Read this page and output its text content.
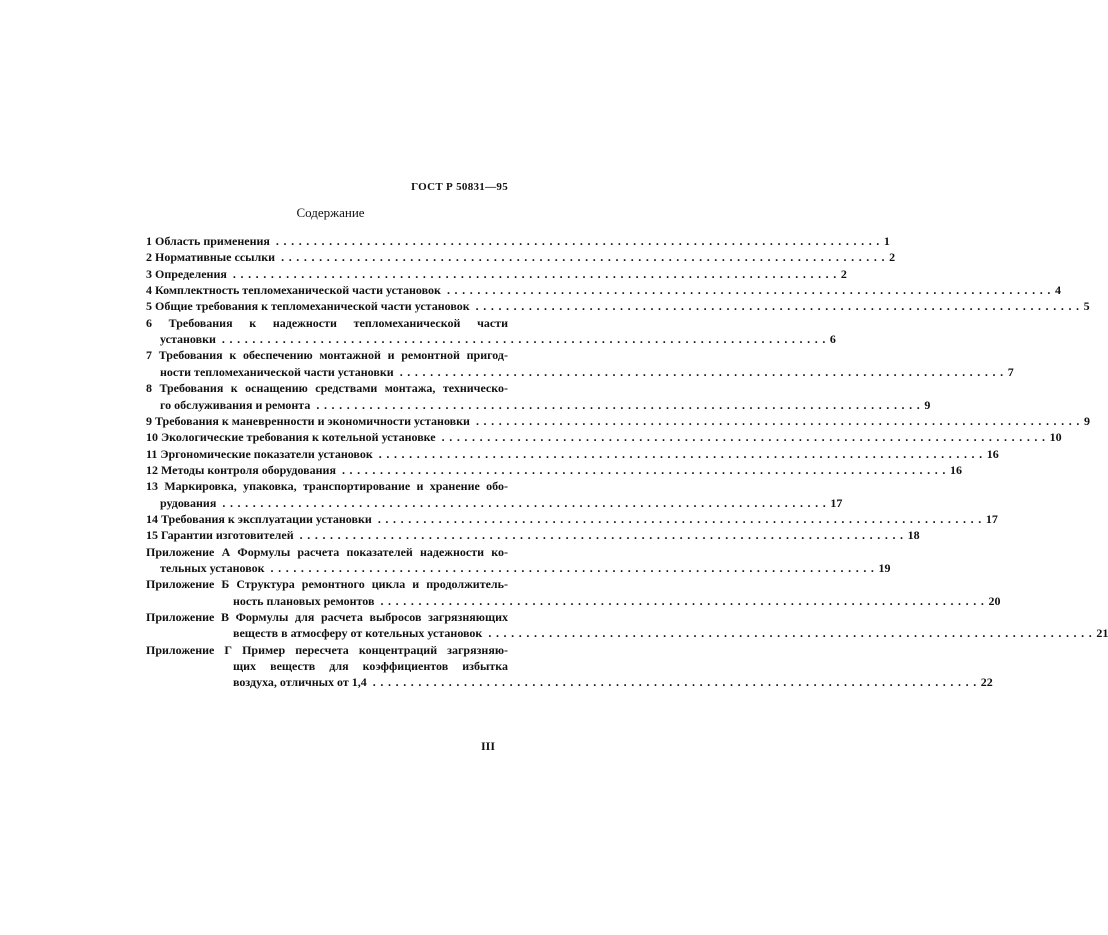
ГОСТ Р 50831—95
Содержание
1 Область применения ................................................................................ 1
2 Нормативные ссылки ................................................................................ 2
3 Определения ................................................................................ 2
4 Комплектность тепломеханической части установок ................................................................................ 4
5 Общие требования к тепломеханической части установок ................................................................................ 5
6 Требования к надежности тепломеханической части
установки ................................................................................ 6
7 Требования к обеспечению монтажной и ремонтной пригод-
ности тепломеханической части установки ................................................................................ 7
8 Требования к оснащению средствами монтажа, техническо-
го обслуживания и ремонта ................................................................................ 9
9 Требования к маневренности и экономичности установки ................................................................................ 9
10 Экологические требования к котельной установке ................................................................................ 10
11 Эргономические показатели установок ................................................................................ 16
12 Методы контроля оборудования ................................................................................ 16
13 Маркировка, упаковка, транспортирование и хранение обо-
рудования ................................................................................ 17
14 Требования к эксплуатации установки ................................................................................ 17
15 Гарантии изготовителей ................................................................................ 18
Приложение А Формулы расчета показателей надежности ко-
тельных установок ................................................................................ 19
Приложение Б Структура ремонтного цикла и продолжитель-
ность плановых ремонтов ................................................................................ 20
Приложение В Формулы для расчета выбросов загрязняющих
веществ в атмосферу от котельных установок ................................................................................ 21
Приложение Г Пример пересчета концентраций загрязняю-
щих веществ для коэффициентов избытка
воздуха, отличных от 1,4 ................................................................................ 22
III
